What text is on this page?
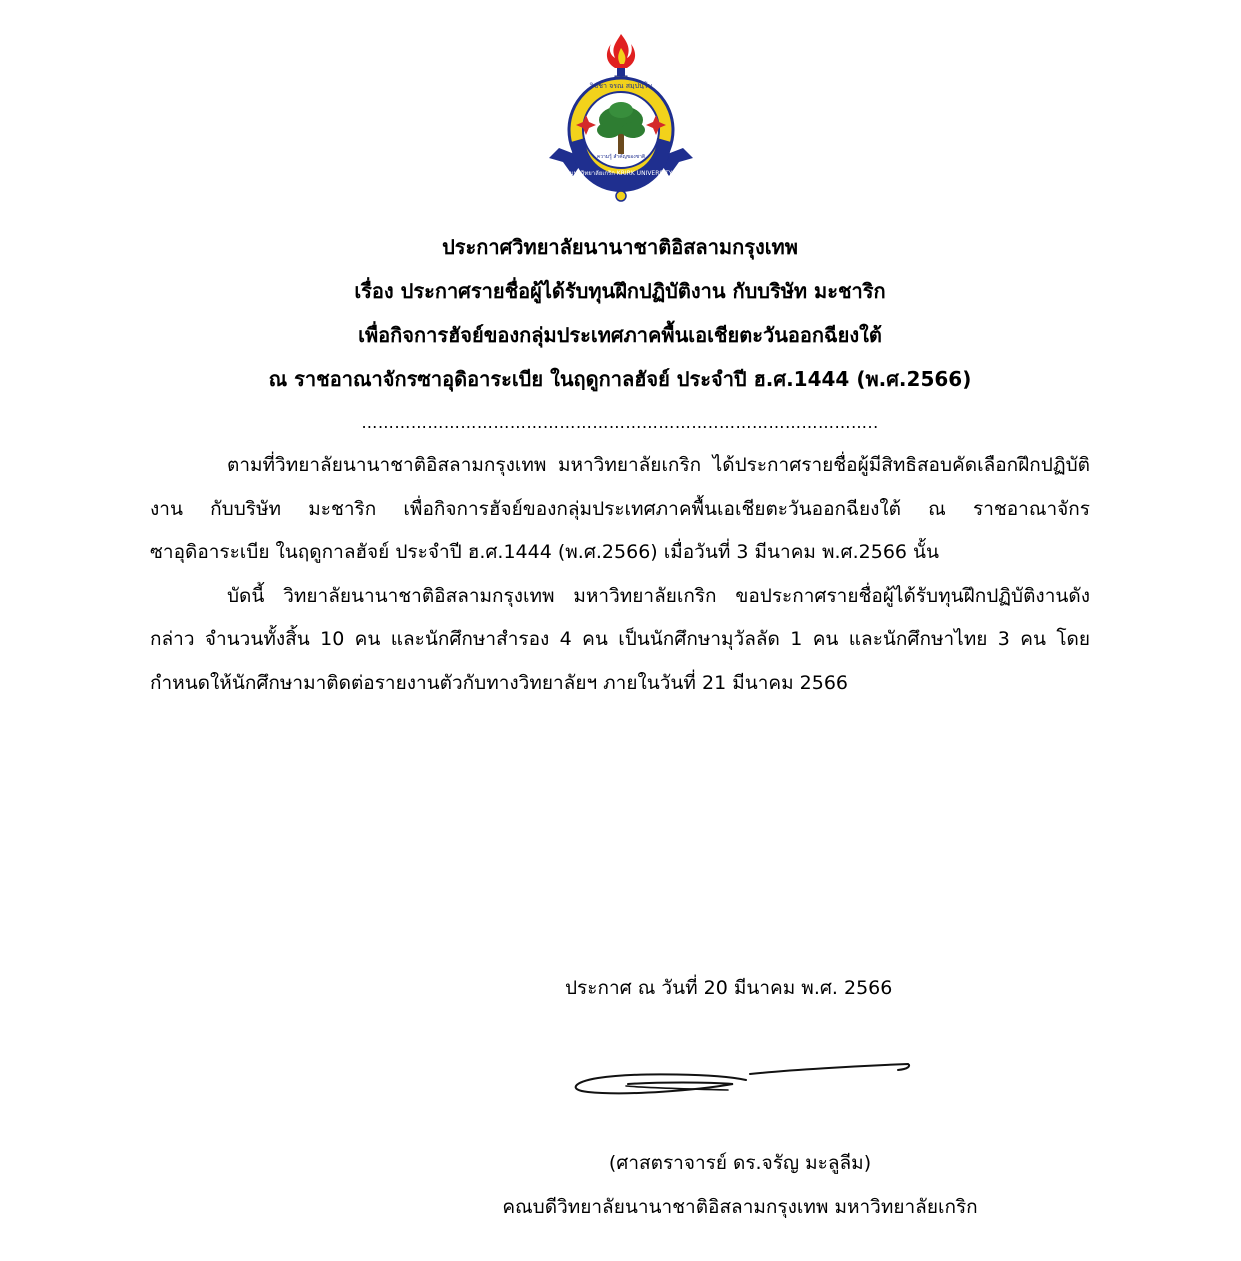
วิชชา จรณ สมฺปนฺโน
มหาวิทยาลัยเกริก KRIRK UNIVERSITY
ความรู้ สำคัญของชาติ
ประกาศวิทยาลัยนานาชาติอิสลามกรุงเทพ
เรื่อง ประกาศรายชื่อผู้ได้รับทุนฝึกปฏิบัติงาน กับบริษัท มะชาริก
เพื่อกิจการฮัจย์ของกลุ่มประเทศภาคพื้นเอเชียตะวันออกฉียงใต้
ณ ราชอาณาจักรซาอุดิอาระเบีย ในฤดูกาลฮัจย์ ประจำปี ฮ.ศ.1444 (พ.ศ.2566)
………………………………………………………..………………………..

ตามที่วิทยาลัยนานาชาติอิสลามกรุงเทพ มหาวิทยาลัยเกริก ได้ประกาศรายชื่อผู้มีสิทธิสอบคัดเลือกฝึกปฏิบัติงาน กับบริษัท มะชาริก เพื่อกิจการฮัจย์ของกลุ่มประเทศภาคพื้นเอเชียตะวันออกฉียงใต้ ณ ราชอาณาจักรซาอุดิอาระเบีย ในฤดูกาลฮัจย์ ประจำปี ฮ.ศ.1444 (พ.ศ.2566) เมื่อวันที่ 3 มีนาคม พ.ศ.2566 นั้น

บัดนี้ วิทยาลัยนานาชาติอิสลามกรุงเทพ มหาวิทยาลัยเกริก ขอประกาศรายชื่อผู้ได้รับทุนฝึกปฏิบัติงานดังกล่าว จำนวนทั้งสิ้น 10 คน และนักศึกษาสำรอง 4 คน เป็นนักศึกษามุวัลลัด 1 คน และนักศึกษาไทย 3 คน โดยกำหนดให้นักศึกษามาติดต่อรายงานตัวกับทางวิทยาลัยฯ ภายในวันที่ 21 มีนาคม 2566

ประกาศ ณ วันที่ 20 มีนาคม พ.ศ. 2566
(ศาสตราจารย์ ดร.จรัญ มะลูลีม)
คณบดีวิทยาลัยนานาชาติอิสลามกรุงเทพ มหาวิทยาลัยเกริก
